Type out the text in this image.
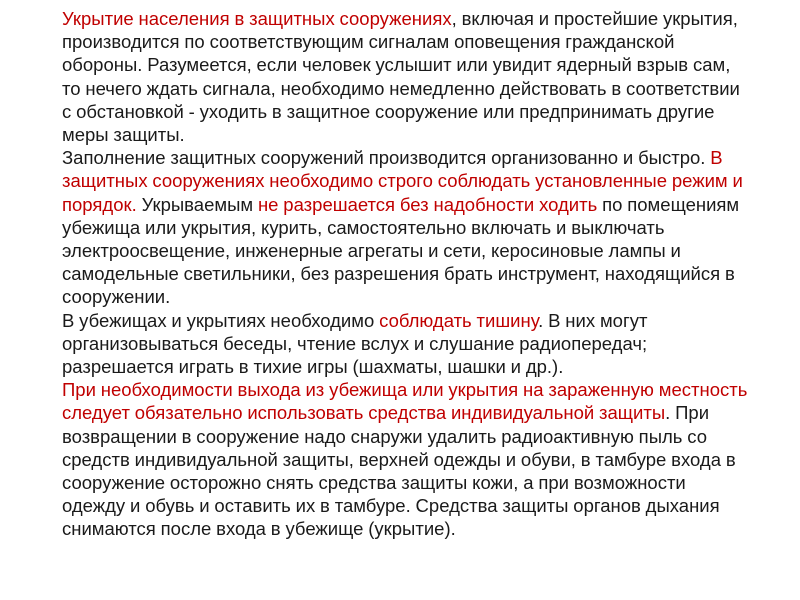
Укрытие населения в защитных сооружениях, включая и простейшие укрытия, производится по соответствующим сигналам оповещения гражданской обороны. Разумеется, если человек услышит или увидит ядерный взрыв сам, то нечего ждать сигнала, необходимо немедленно действовать в соответствии с обстановкой - уходить в защитное сооружение или предпринимать другие меры защиты.

Заполнение защитных сооружений производится организованно и быстро. В защитных сооруженияx необходимо строго соблюдать установленные режим и порядок. Укрываемым не разрешается без надобности ходить по помещениям убежища или укрытия, курить, самостоятельно включать и выключать электроосвещение, инженерные агрегаты и сети, керосиновые лампы и самодельные светильники, без разрешения брать инструмент, находящийся в сооружении.

В убежищах и укрытиях необходимо соблюдать тишину. В них могут организовываться беседы, чтение вслух и слушание радиопередач; разрешается играть в тихие игры (шахматы, шашки и др.).

При необходимости выхода из убежища или укрытия на зараженную местность следует обязательно использовать средства индивидуальной защиты. При возвращении в сооружение надо снаружи удалить радиоактивную пыль со средств индивидуальной защиты, верхней одежды и обуви, в тамбуре входа в сооружение осторожно снять средства защиты кожи, а при возможности одежду и обувь и оставить их в тамбуре. Средства защиты органов дыхания снимаются после входа в убежище (укрытие).
